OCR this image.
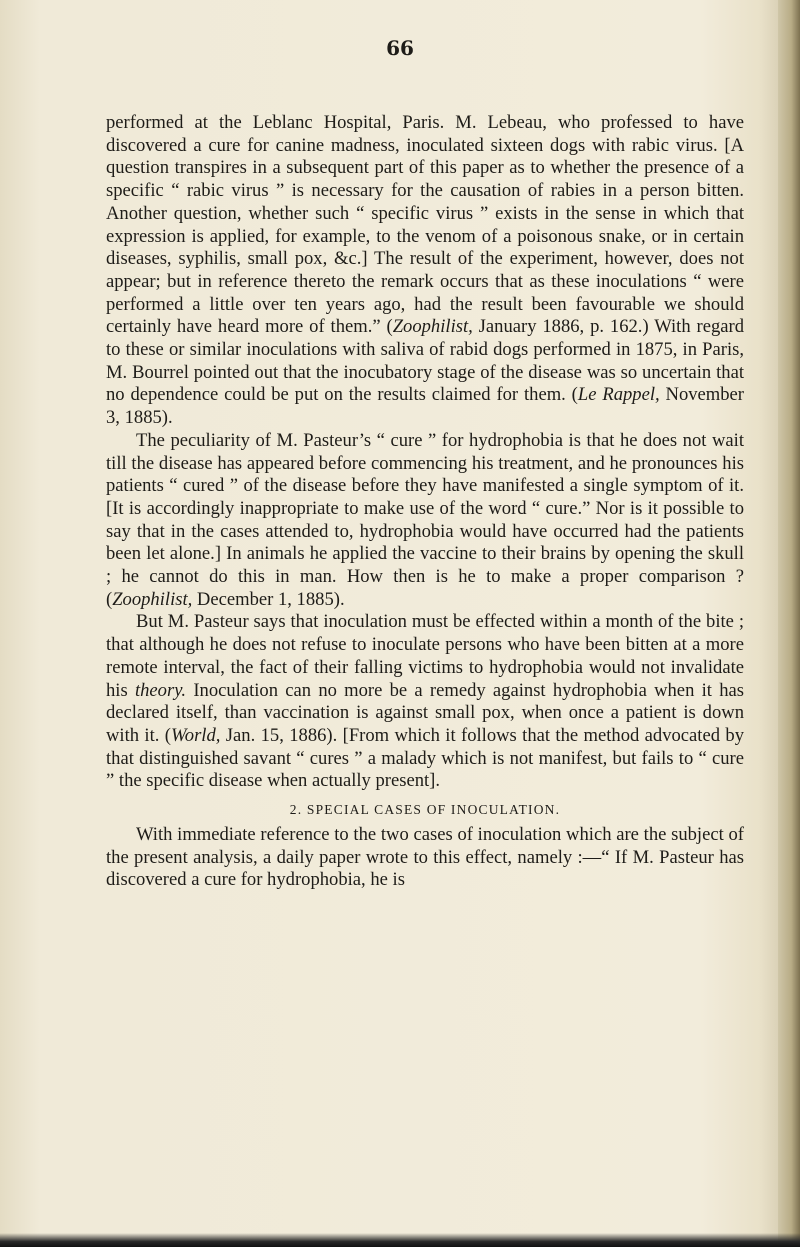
66

performed at the Leblanc Hospital, Paris. M. Lebeau, who professed to have discovered a cure for canine madness, inoculated sixteen dogs with rabic virus. [A question transpires in a subsequent part of this paper as to whether the presence of a specific “ rabic virus ” is necessary for the causation of rabies in a person bitten. Another question, whether such “ specific virus ” exists in the sense in which that expression is applied, for example, to the venom of a poisonous snake, or in certain diseases, syphilis, small pox, &c.] The result of the experiment, however, does not appear; but in reference thereto the remark occurs that as these inoculations “ were performed a little over ten years ago, had the result been favourable we should certainly have heard more of them.” (Zoophilist, January 1886, p. 162.) With regard to these or similar inoculations with saliva of rabid dogs performed in 1875, in Paris, M. Bourrel pointed out that the inocubatory stage of the disease was so uncertain that no dependence could be put on the results claimed for them. (Le Rappel, November 3, 1885).

The peculiarity of M. Pasteur’s “ cure ” for hydrophobia is that he does not wait till the disease has appeared before commencing his treatment, and he pronounces his patients “ cured ” of the disease before they have manifested a single symptom of it. [It is accordingly inappropriate to make use of the word “ cure.” Nor is it possible to say that in the cases attended to, hydrophobia would have occurred had the patients been let alone.] In animals he applied the vaccine to their brains by opening the skull ; he cannot do this in man. How then is he to make a proper comparison ? (Zoophilist, December 1, 1885).

But M. Pasteur says that inoculation must be effected within a month of the bite ; that although he does not refuse to inoculate persons who have been bitten at a more remote interval, the fact of their falling victims to hydrophobia would not invalidate his theory. Inoculation can no more be a remedy against hydrophobia when it has declared itself, than vaccination is against small pox, when once a patient is down with it. (World, Jan. 15, 1886). [From which it follows that the method advocated by that distinguished savant “ cures ” a malady which is not manifest, but fails to “ cure ” the specific disease when actually present].

2. SPECIAL CASES OF INOCULATION.

With immediate reference to the two cases of inoculation which are the subject of the present analysis, a daily paper wrote to this effect, namely :—“ If M. Pasteur has discovered a cure for hydrophobia, he is
